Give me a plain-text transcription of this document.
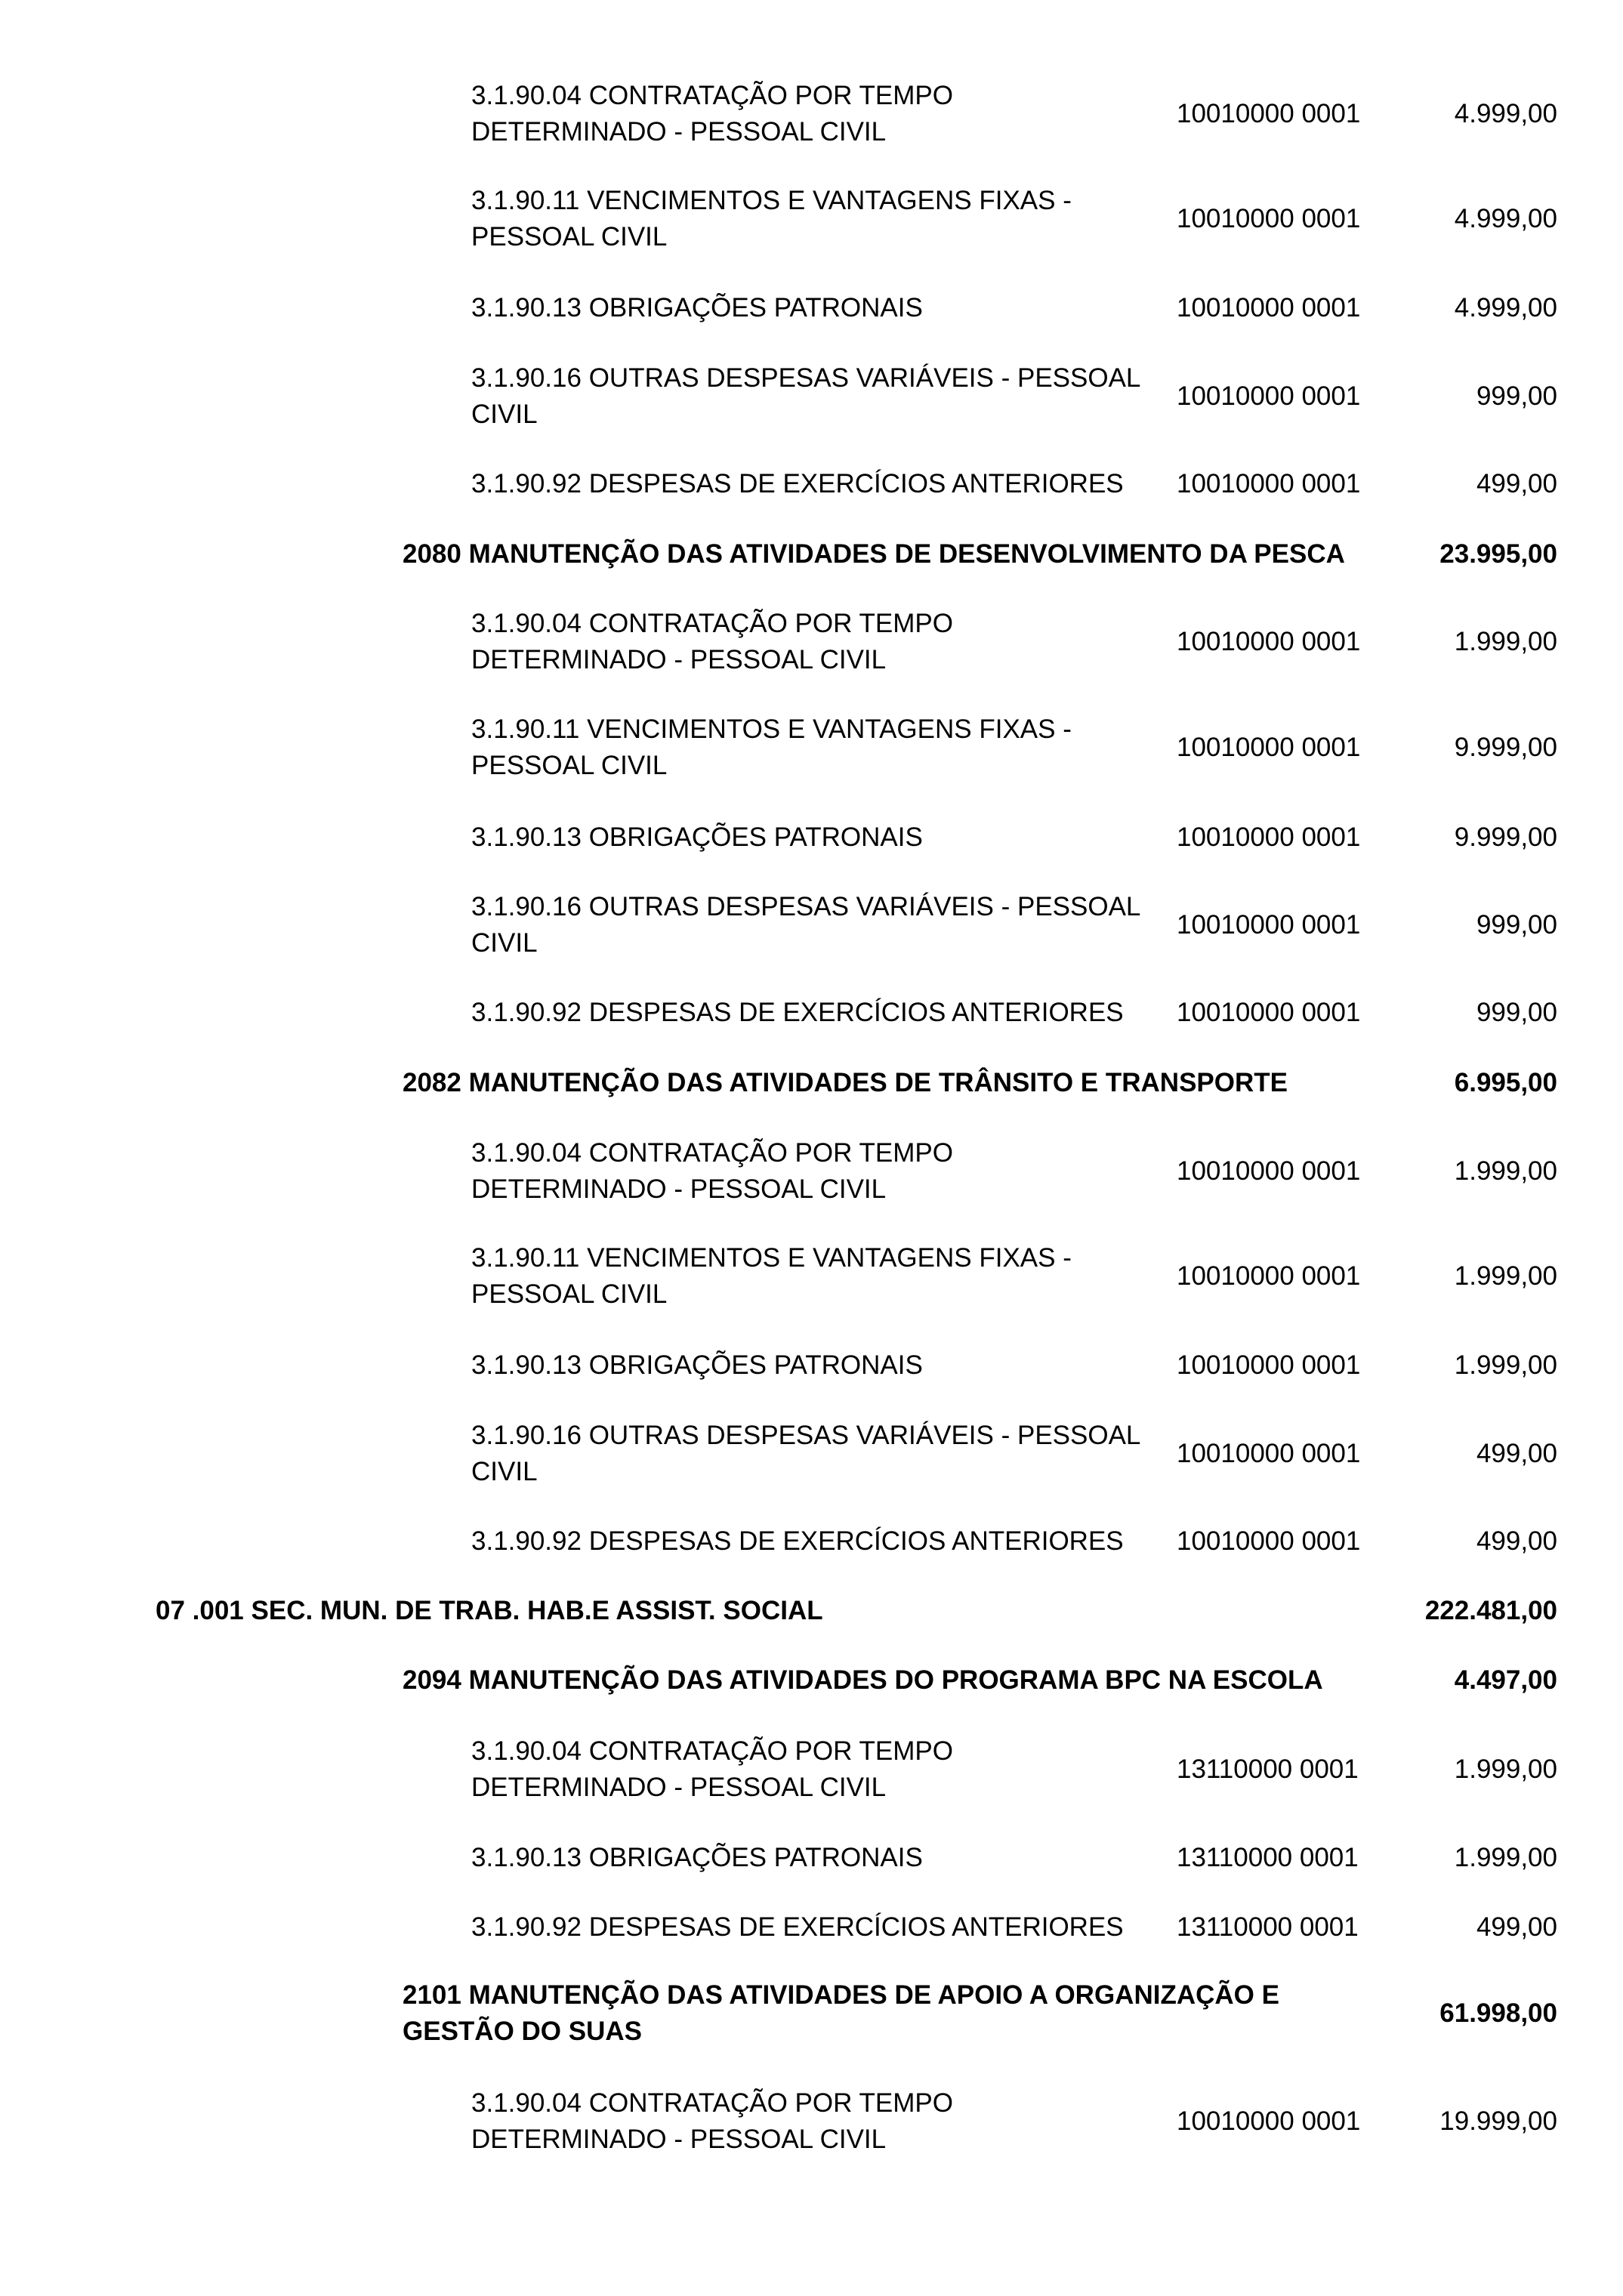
3.1.90.04 CONTRATAÇÃO POR TEMPO
DETERMINADO - PESSOAL CIVIL
10010000 0001	4.999,00
3.1.90.11 VENCIMENTOS E VANTAGENS FIXAS -
PESSOAL CIVIL
10010000 0001	4.999,00
3.1.90.13 OBRIGAÇÕES PATRONAIS	10010000 0001	4.999,00
3.1.90.16 OUTRAS DESPESAS VARIÁVEIS - PESSOAL
CIVIL
10010000 0001	999,00
3.1.90.92 DESPESAS DE EXERCÍCIOS ANTERIORES 10010000 0001	499,00
2080 MANUTENÇÃO DAS ATIVIDADES DE DESENVOLVIMENTO DA PESCA	23.995,00
3.1.90.04 CONTRATAÇÃO POR TEMPO
DETERMINADO - PESSOAL CIVIL
10010000 0001	1.999,00
3.1.90.11 VENCIMENTOS E VANTAGENS FIXAS -
PESSOAL CIVIL
10010000 0001	9.999,00
3.1.90.13 OBRIGAÇÕES PATRONAIS	10010000 0001	9.999,00
3.1.90.16 OUTRAS DESPESAS VARIÁVEIS - PESSOAL
CIVIL
10010000 0001	999,00
3.1.90.92 DESPESAS DE EXERCÍCIOS ANTERIORES 10010000 0001	999,00
2082 MANUTENÇÃO DAS ATIVIDADES DE TRÂNSITO E TRANSPORTE	6.995,00
3.1.90.04 CONTRATAÇÃO POR TEMPO
DETERMINADO - PESSOAL CIVIL
10010000 0001	1.999,00
3.1.90.11 VENCIMENTOS E VANTAGENS FIXAS -
PESSOAL CIVIL
10010000 0001	1.999,00
3.1.90.13 OBRIGAÇÕES PATRONAIS	10010000 0001	1.999,00
3.1.90.16 OUTRAS DESPESAS VARIÁVEIS - PESSOAL
CIVIL
10010000 0001	499,00
3.1.90.92 DESPESAS DE EXERCÍCIOS ANTERIORES 10010000 0001	499,00
07 .001 SEC. MUN. DE TRAB. HAB.E ASSIST. SOCIAL	222.481,00
2094 MANUTENÇÃO DAS ATIVIDADES DO PROGRAMA BPC NA ESCOLA	4.497,00
3.1.90.04 CONTRATAÇÃO POR TEMPO
DETERMINADO - PESSOAL CIVIL
13110000 0001	1.999,00
3.1.90.13 OBRIGAÇÕES PATRONAIS	13110000 0001	1.999,00
3.1.90.92 DESPESAS DE EXERCÍCIOS ANTERIORES 13110000 0001	499,00
2101 MANUTENÇÃO DAS ATIVIDADES DE APOIO A ORGANIZAÇÃO E
GESTÃO DO SUAS
61.998,00
3.1.90.04 CONTRATAÇÃO POR TEMPO
DETERMINADO - PESSOAL CIVIL
10010000 0001	19.999,00
